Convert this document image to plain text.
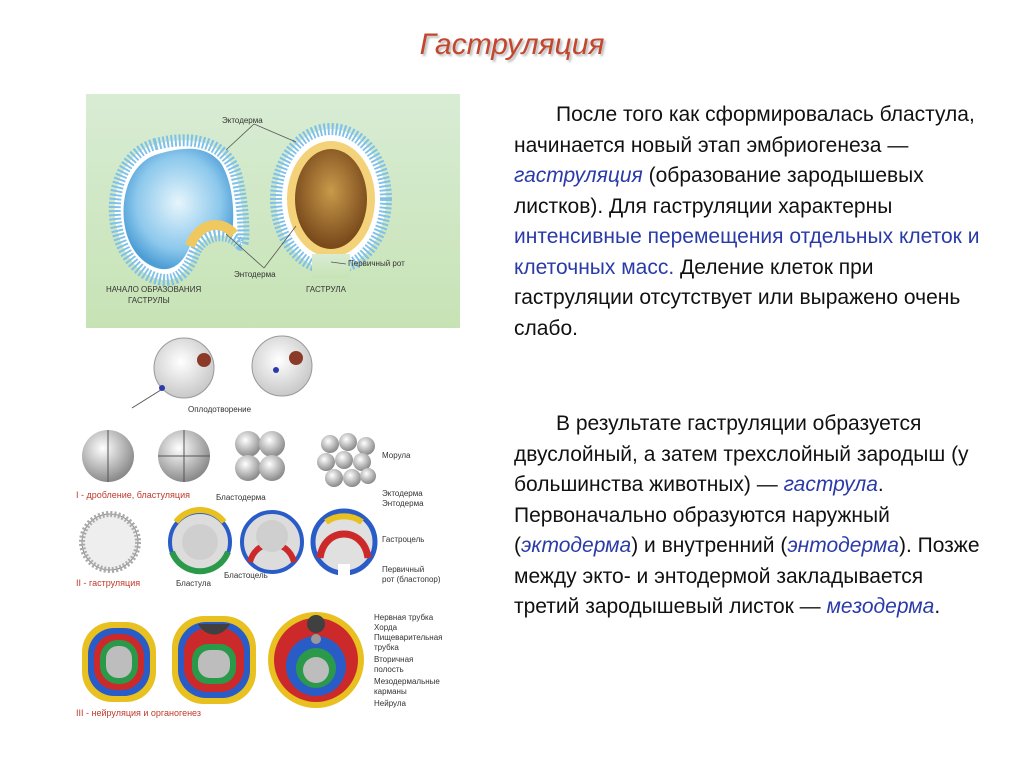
Гаструляция
Эктодерма
Энтодерма
Первичный рот
НАЧАЛО ОБРАЗОВАНИЯ
ГАСТРУЛЫ
ГАСТРУЛА
Оплодотворение
Морула
I - дробление, бластуляция	Бластодерма	Эктодерма
Энтодерма
Гастроцель
II - гаструляция	Бластула
Бластоцель
Первичный
рот (бластопор)
Нервная трубка
Хорда
Пищеварительная
трубка
Вторичная
полость
Мезодермальные
карманы
Нейрула
III - нейруляция и органогенез
После того как сформировалась бластула, начинается новый этап эмбриогенеза — гаструляция (образование зародышевых листков). Для гаструляции характерны интенсивные перемещения отдельных клеток и клеточных масс. Деление клеток при гаструляции отсутствует или выражено очень слабо.
В результате гаструляции образуется двуслойный, а затем трехслойный зародыш (у большинства животных) — гаструла. Первоначально образуются наружный (эктодерма) и внутренний (энтодерма). Позже между экто- и энтодермой закладывается третий зародышевый листок — мезодерма.
